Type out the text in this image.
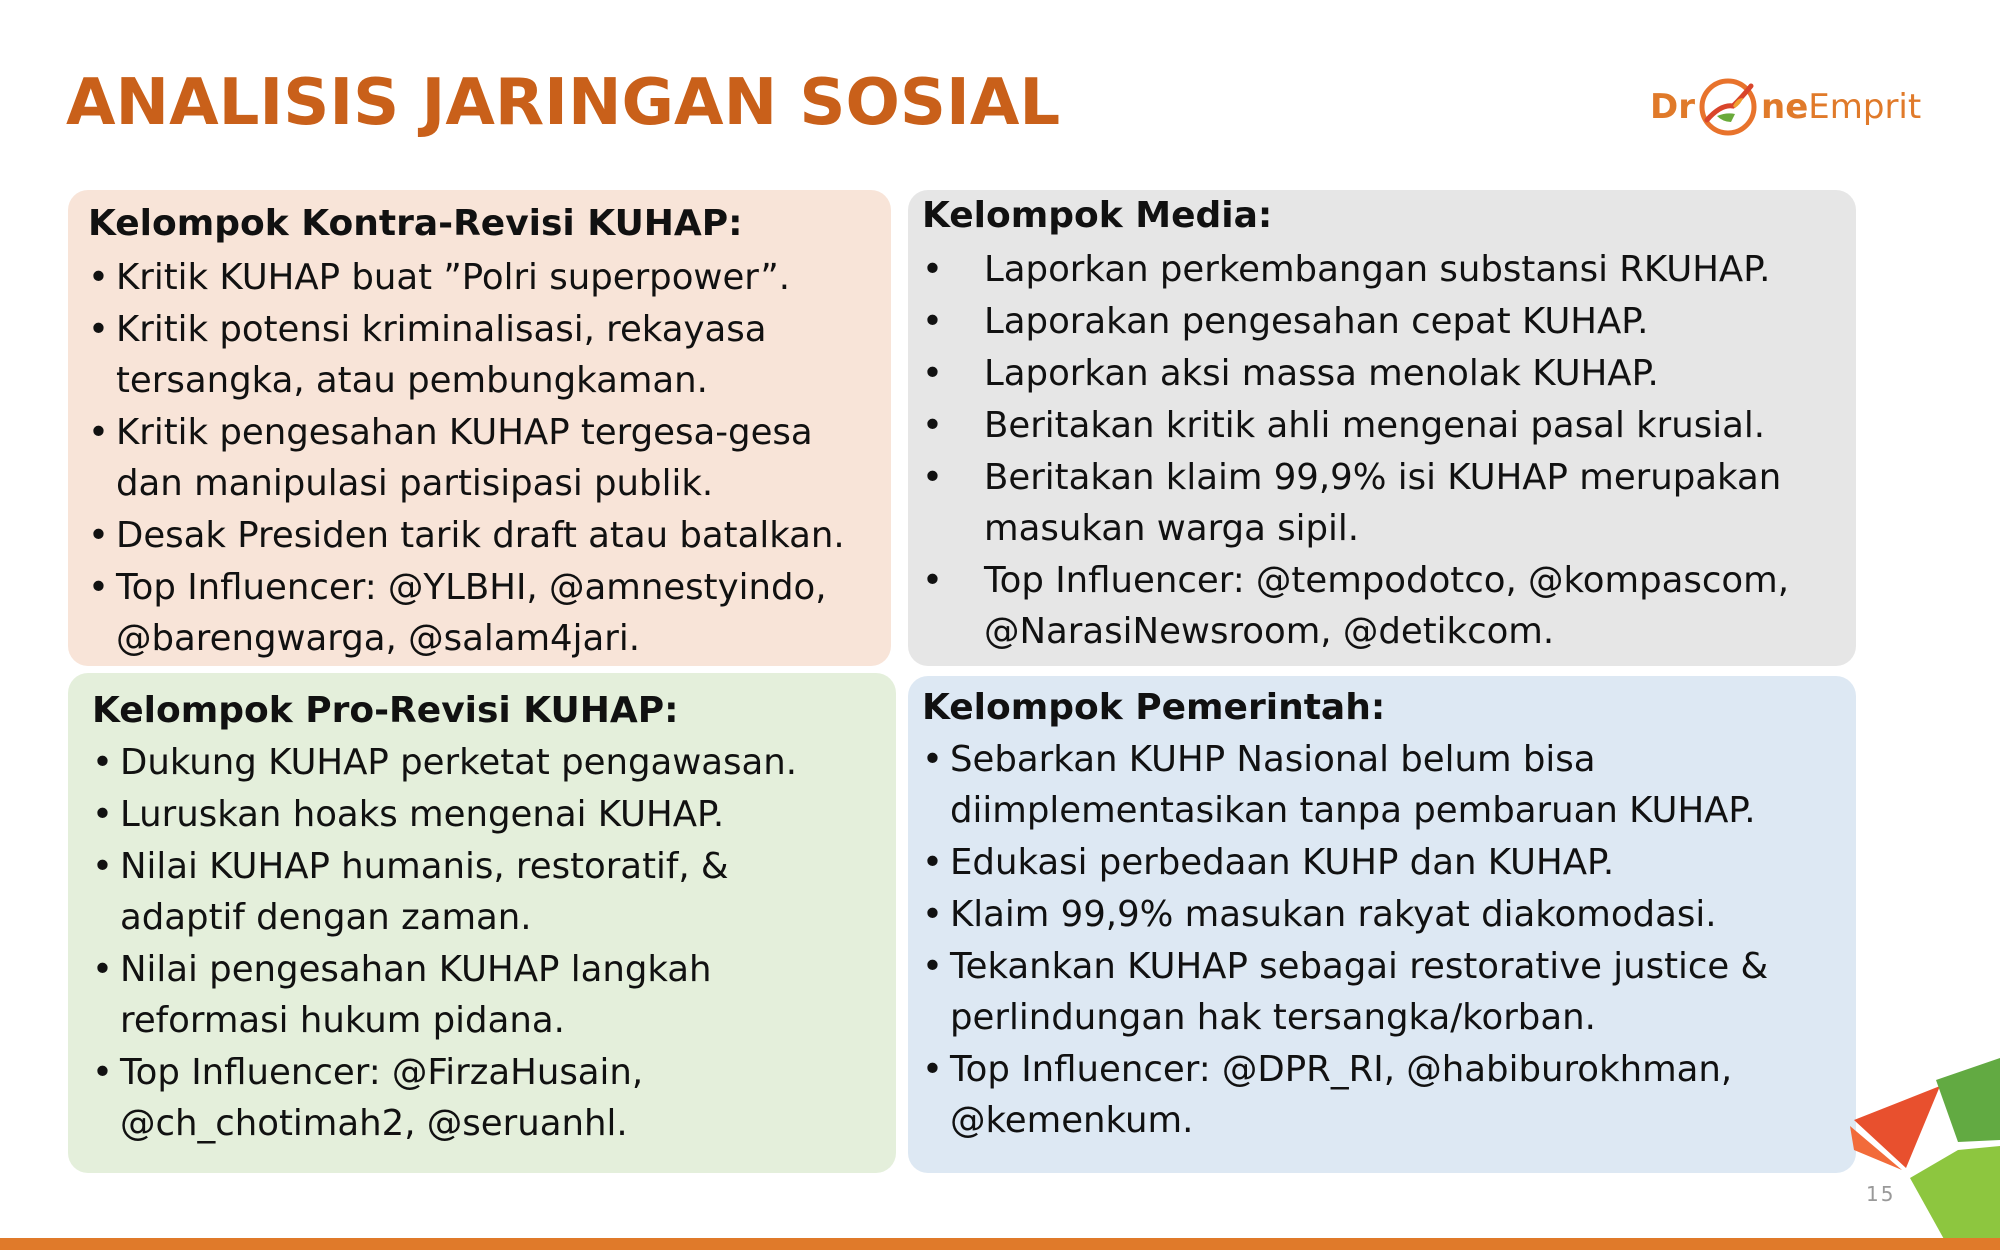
ANALISIS JARINGAN SOSIAL	Dr ne Emprit
Kelompok Kontra-Revisi KUHAP:
• Kritik KUHAP buat ”Polri superpower”.
• Kritik potensi kriminalisasi, rekayasa
tersangka, atau pembungkaman.
• Kritik pengesahan KUHAP tergesa-gesa
dan manipulasi partisipasi publik.
• Desak Presiden tarik draft atau batalkan.
• Top Influencer: @YLBHI, @amnestyindo,
@barengwarga, @salam4jari.
Kelompok Media:
• Laporkan perkembangan substansi RKUHAP.
• Laporakan pengesahan cepat KUHAP.
• Laporkan aksi massa menolak KUHAP.
• Beritakan kritik ahli mengenai pasal krusial.
• Beritakan klaim 99,9% isi KUHAP merupakan
masukan warga sipil.
• Top Influencer: @tempodotco, @kompascom,
@NarasiNewsroom, @detikcom.
Kelompok Pro-Revisi KUHAP:
• Dukung KUHAP perketat pengawasan.
• Luruskan hoaks mengenai KUHAP.
• Nilai KUHAP humanis, restoratif, &
adaptif dengan zaman.
• Nilai pengesahan KUHAP langkah
reformasi hukum pidana.
• Top Influencer: @FirzaHusain,
@ch_chotimah2, @seruanhl.
Kelompok Pemerintah:
• Sebarkan KUHP Nasional belum bisa
diimplementasikan tanpa pembaruan KUHAP.
• Edukasi perbedaan KUHP dan KUHAP.
• Klaim 99,9% masukan rakyat diakomodasi.
• Tekankan KUHAP sebagai restorative justice &
perlindungan hak tersangka/korban.
• Top Influencer: @DPR_RI, @habiburokhman,
@kemenkum.
15
